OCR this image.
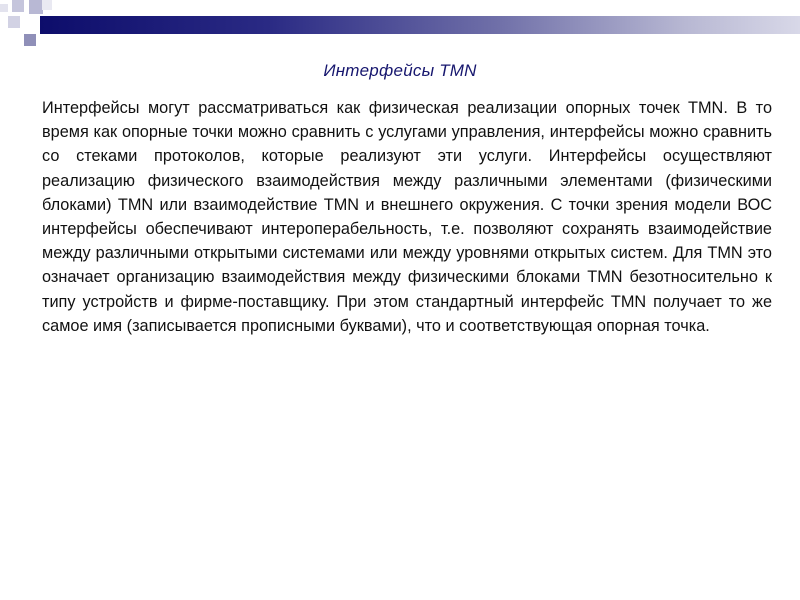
Интерфейсы TMN
Интерфейсы могут рассматриваться как физическая реализации опорных точек TMN. В то время как опорные точки можно сравнить с услугами управления, интерфейсы можно сравнить со стеками протоколов, которые реализуют эти услуги. Интерфейсы осуществляют реализацию физического взаимодействия между различными элементами (физическими блоками) TMN или взаимодействие TMN и внешнего окружения. С точки зрения модели ВОС интерфейсы обеспечивают интероперабельность, т.е. позволяют сохранять взаимодействие между различными открытыми системами или между уровнями открытых систем. Для TMN это означает организацию взаимодействия между физическими блоками TMN безотносительно к типу устройств и фирме-поставщику. При этом стандартный интерфейс TMN получает то же самое имя (записывается прописными буквами), что и соответствующая опорная точка.
